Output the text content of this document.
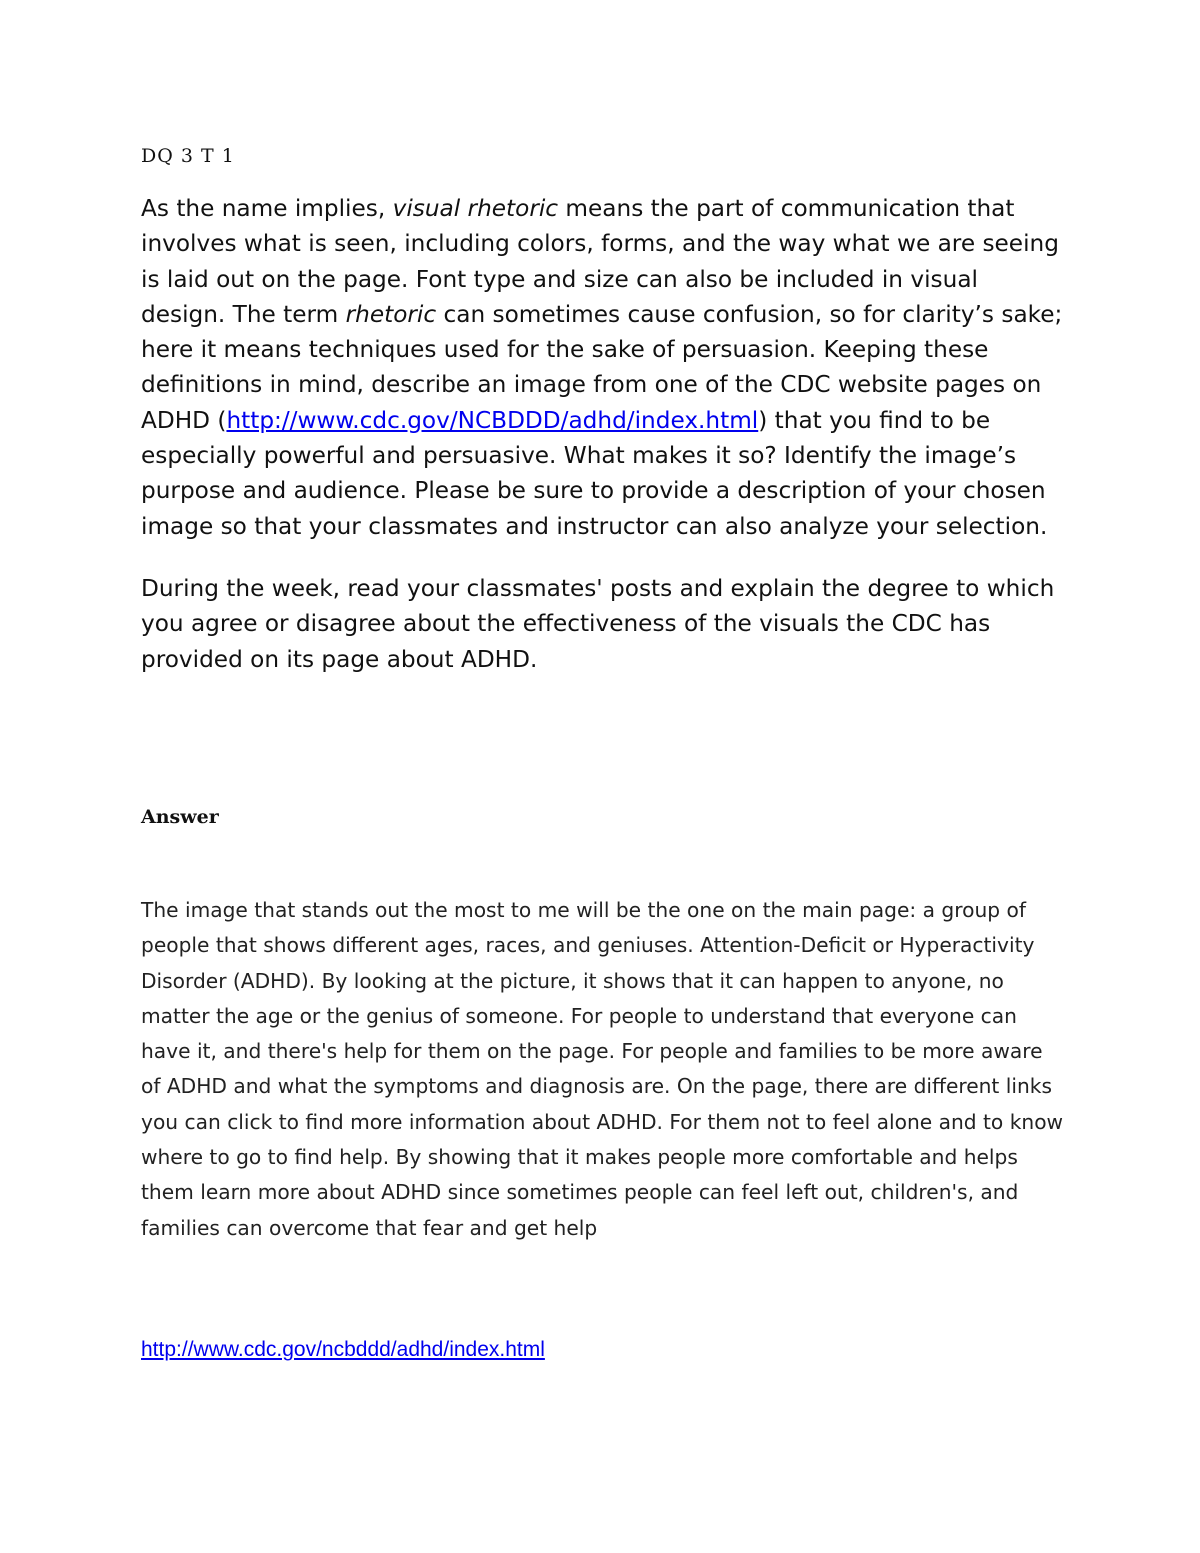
DQ 3 T 1

As the name implies, visual rhetoric means the part of communication that involves what is seen, including colors, forms, and the way what we are seeing is laid out on the page. Font type and size can also be included in visual design. The term rhetoric can sometimes cause confusion, so for clarity’s sake; here it means techniques used for the sake of persuasion. Keeping these definitions in mind, describe an image from one of the CDC website pages on ADHD (http://www.cdc.gov/NCBDDD/adhd/index.html) that you find to be especially powerful and persuasive. What makes it so? Identify the image’s purpose and audience. Please be sure to provide a description of your chosen image so that your classmates and instructor can also analyze your selection.

During the week, read your classmates' posts and explain the degree to which you agree or disagree about the effectiveness of the visuals the CDC has provided on its page about ADHD.

Answer

The image that stands out the most to me will be the one on the main page: a group of people that shows different ages, races, and geniuses. Attention-Deficit or Hyperactivity Disorder (ADHD). By looking at the picture, it shows that it can happen to anyone, no matter the age or the genius of someone. For people to understand that everyone can have it, and there's help for them on the page. For people and families to be more aware of ADHD and what the symptoms and diagnosis are. On the page, there are different links you can click to find more information about ADHD. For them not to feel alone and to know where to go to find help. By showing that it makes people more comfortable and helps them learn more about ADHD since sometimes people can feel left out, children's, and families can overcome that fear and get help

http://www.cdc.gov/ncbddd/adhd/index.html
